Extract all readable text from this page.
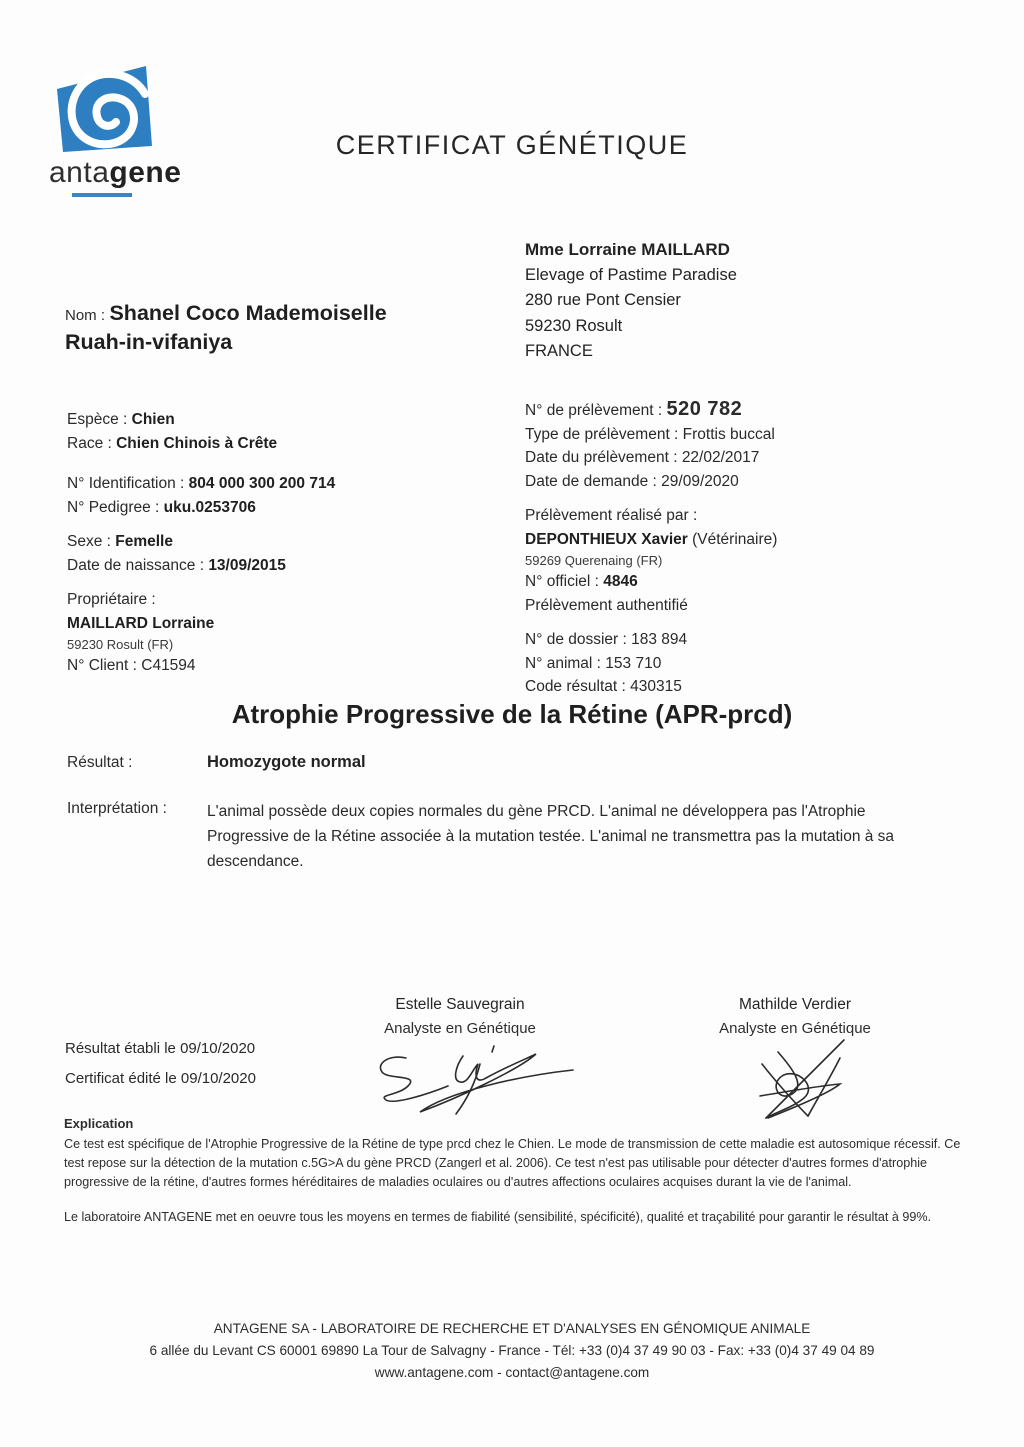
antagene
CERTIFICAT GÉNÉTIQUE
Mme Lorraine MAILLARD
Elevage of Pastime Paradise
280 rue Pont Censier
59230 Rosult
FRANCE
Nom : Shanel Coco Mademoiselle
Ruah-in-vifaniya
Espèce : Chien
Race : Chien Chinois à Crête
N° Identification : 804 000 300 200 714
N° Pedigree : uku.0253706
Sexe : Femelle
Date de naissance : 13/09/2015
Propriétaire :
MAILLARD Lorraine
59230 Rosult (FR)
N° Client : C41594
N° de prélèvement : 520 782
Type de prélèvement : Frottis buccal
Date du prélèvement : 22/02/2017
Date de demande : 29/09/2020
Prélèvement réalisé par :
DEPONTHIEUX Xavier (Vétérinaire)
59269 Querenaing (FR)
N° officiel : 4846
Prélèvement authentifié
N° de dossier : 183 894
N° animal : 153 710
Code résultat : 430315
Atrophie Progressive de la Rétine (APR-prcd)
Résultat :	Homozygote normal
Interprétation :	L'animal possède deux copies normales du gène PRCD. L'animal ne développera pas l'Atrophie Progressive de la Rétine associée à la mutation testée. L'animal ne transmettra pas la mutation à sa descendance.
Estelle Sauvegrain
Analyste en Génétique
Mathilde Verdier
Analyste en Génétique
Résultat établi le 09/10/2020
Certificat édité le 09/10/2020
Explication

Ce test est spécifique de l'Atrophie Progressive de la Rétine de type prcd chez le Chien. Le mode de transmission de cette maladie est autosomique récessif. Ce test repose sur la détection de la mutation c.5G>A du gène PRCD (Zangerl et al. 2006). Ce test n'est pas utilisable pour détecter d'autres formes d'atrophie progressive de la rétine, d'autres formes héréditaires de maladies oculaires ou d'autres affections oculaires acquises durant la vie de l'animal.

Le laboratoire ANTAGENE met en oeuvre tous les moyens en termes de fiabilité (sensibilité, spécificité), qualité et traçabilité pour garantir le résultat à 99%.

ANTAGENE SA - LABORATOIRE DE RECHERCHE ET D'ANALYSES EN GÉNOMIQUE ANIMALE
6 allée du Levant CS 60001 69890 La Tour de Salvagny - France - Tél: +33 (0)4 37 49 90 03 - Fax: +33 (0)4 37 49 04 89
www.antagene.com - contact@antagene.com
